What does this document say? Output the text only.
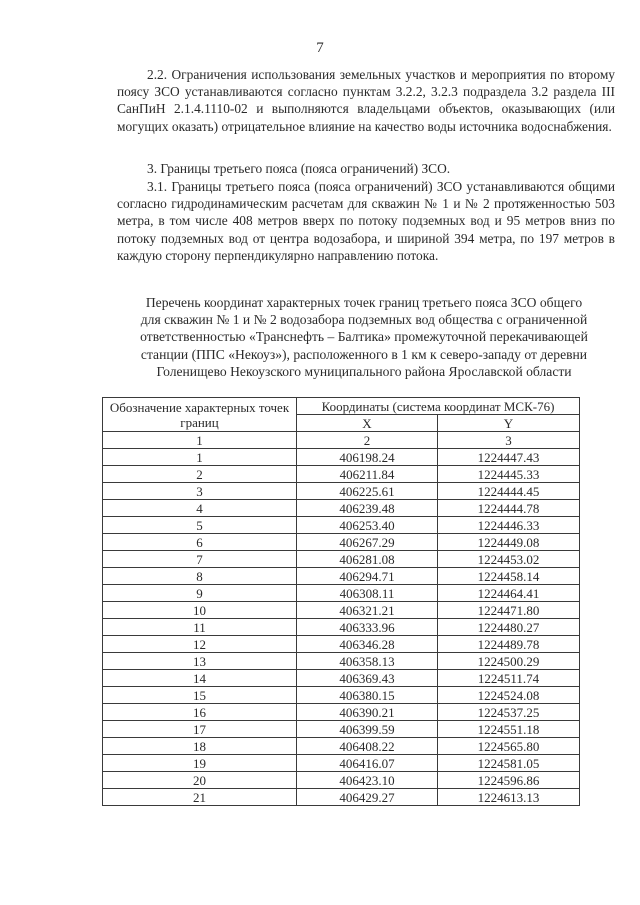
7
2.2. Ограничения использования земельных участков и мероприятия по второму поясу ЗСО устанавливаются согласно пунктам 3.2.2, 3.2.3 подраздела 3.2 раздела III СанПиН 2.1.4.1110-02 и выполняются владельцами объектов, оказывающих (или могущих оказать) отрицательное влияние на качество воды источника водоснабжения.
3. Границы третьего пояса (пояса ограничений) ЗСО.
3.1. Границы третьего пояса (пояса ограничений) ЗСО устанавливаются общими согласно гидродинамическим расчетам для скважин № 1 и № 2 протяженностью 503 метра, в том числе 408 метров вверх по потоку подземных вод и 95 метров вниз по потоку подземных вод от центра водозабора, и шириной 394 метра, по 197 метров в каждую сторону перпендикулярно направлению потока.
Перечень координат характерных точек границ третьего пояса ЗСО общего
для скважин № 1 и № 2 водозабора подземных вод общества с ограниченной
ответственностью «Транснефть – Балтика» промежуточной перекачивающей
станции (ППС «Некоуз»), расположенного в 1 км к северо-западу от деревни
Голенищево Некоузского муниципального района Ярославской области
Обозначение характерных точек границ	Координаты (система координат МСК-76)	
	X	Y
1	2	3
1	406198.24	1224447.43
2	406211.84	1224445.33
3	406225.61	1224444.45
4	406239.48	1224444.78
5	406253.40	1224446.33
6	406267.29	1224449.08
7	406281.08	1224453.02
8	406294.71	1224458.14
9	406308.11	1224464.41
10	406321.21	1224471.80
11	406333.96	1224480.27
12	406346.28	1224489.78
13	406358.13	1224500.29
14	406369.43	1224511.74
15	406380.15	1224524.08
16	406390.21	1224537.25
17	406399.59	1224551.18
18	406408.22	1224565.80
19	406416.07	1224581.05
20	406423.10	1224596.86
21	406429.27	1224613.13
